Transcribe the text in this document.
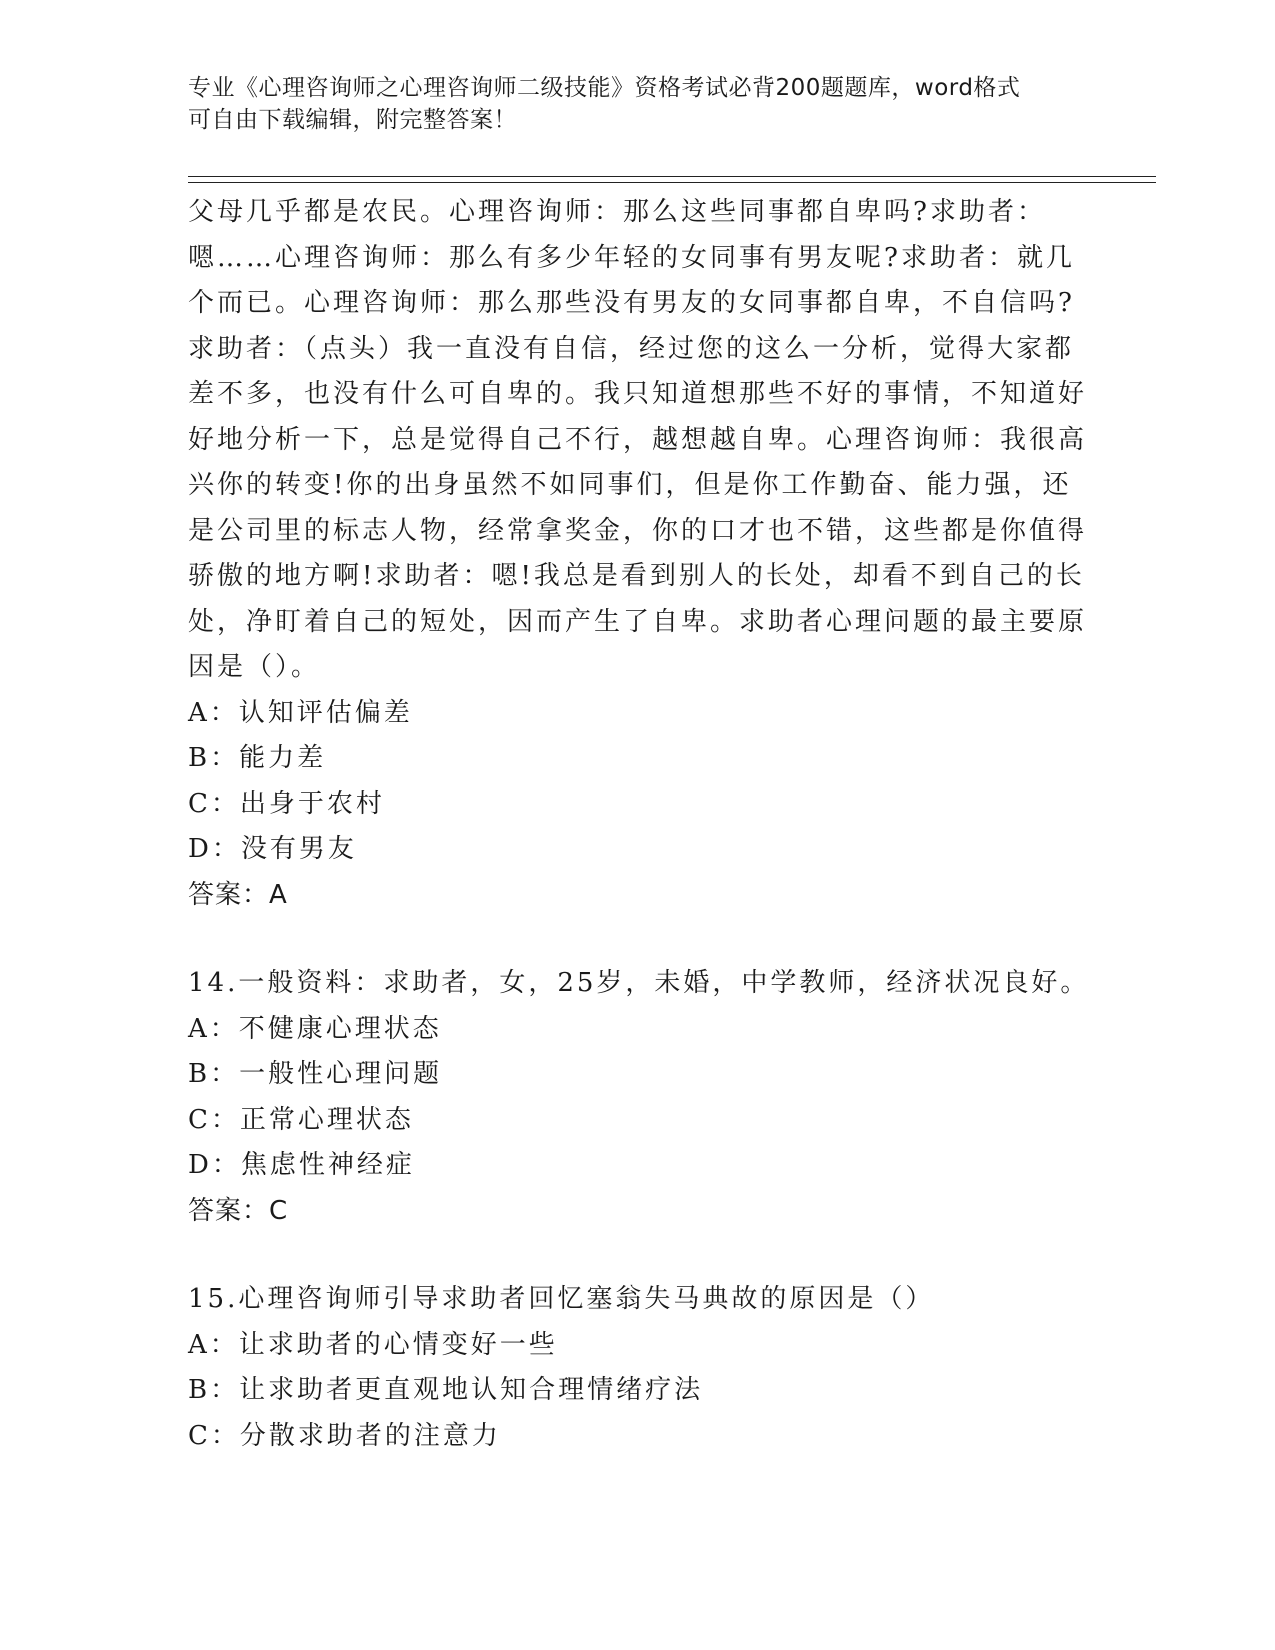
专业《心理咨询师之心理咨询师二级技能》资格考试必背200题题库，word格式
可自由下载编辑，附完整答案！

父母几乎都是农民。心理咨询师：那么这些同事都自卑吗?求助者：嗯……心理咨询师：那么有多少年轻的女同事有男友呢?求助者：就几个而已。心理咨询师：那么那些没有男友的女同事都自卑，不自信吗?求助者：（点头）我一直没有自信，经过您的这么一分析，觉得大家都差不多，也没有什么可自卑的。我只知道想那些不好的事情，不知道好好地分析一下，总是觉得自己不行，越想越自卑。心理咨询师：我很高兴你的转变!你的出身虽然不如同事们，但是你工作勤奋、能力强，还是公司里的标志人物，经常拿奖金，你的口才也不错，这些都是你值得骄傲的地方啊!求助者：嗯!我总是看到别人的长处，却看不到自己的长处，净盯着自己的短处，因而产生了自卑。求助者心理问题的最主要原因是（）。

A：认知评估偏差

B：能力差

C：出身于农村

D：没有男友

答案：A

14.一般资料：求助者，女，25岁，未婚，中学教师，经济状况良好。

A：不健康心理状态

B：一般性心理问题

C：正常心理状态

D：焦虑性神经症

答案：C

15.心理咨询师引导求助者回忆塞翁失马典故的原因是（）

A：让求助者的心情变好一些

B：让求助者更直观地认知合理情绪疗法

C：分散求助者的注意力
